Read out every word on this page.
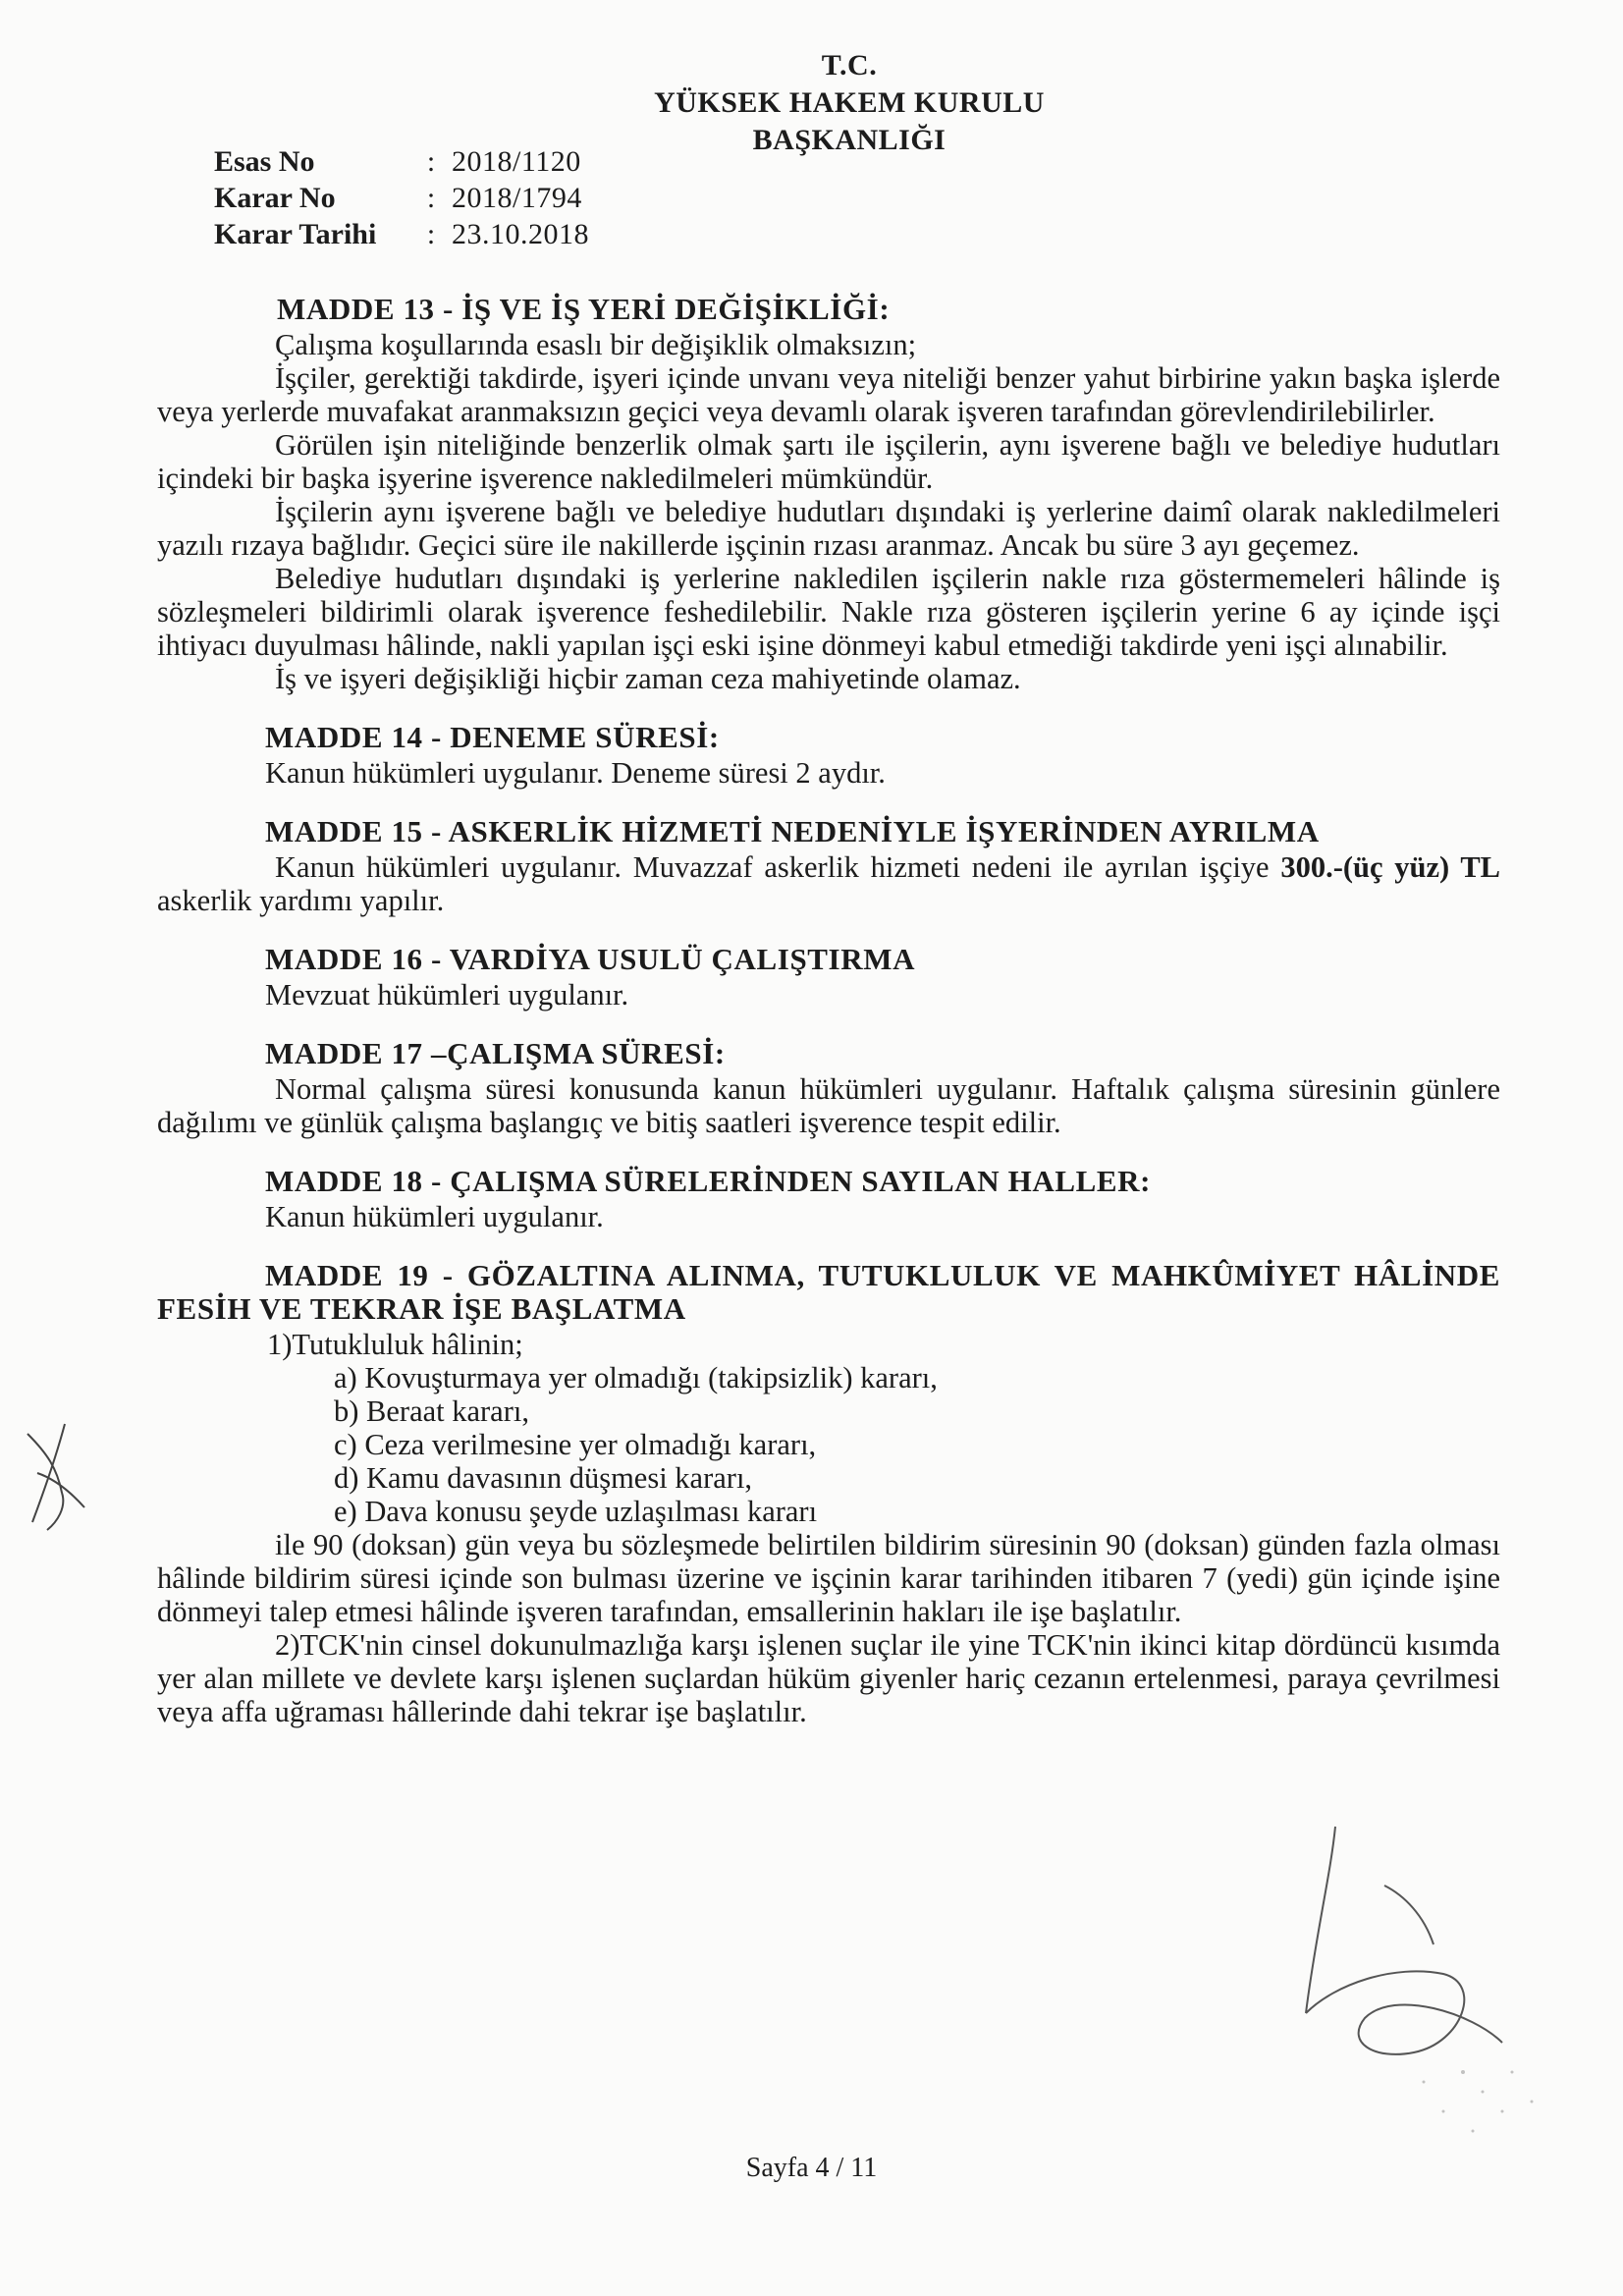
T.C.
YÜKSEK HAKEM KURULU
BAŞKANLIĞI
Esas No	: 2018/1120
Karar No	: 2018/1794
Karar Tarihi	: 23.10.2018
MADDE 13 - İŞ VE İŞ YERİ DEĞİŞİKLİĞİ:

Çalışma koşullarında esaslı bir değişiklik olmaksızın;

İşçiler, gerektiği takdirde, işyeri içinde unvanı veya niteliği benzer yahut birbirine yakın başka işlerde veya yerlerde muvafakat aranmaksızın geçici veya devamlı olarak işveren tarafından görevlendirilebilirler.

Görülen işin niteliğinde benzerlik olmak şartı ile işçilerin, aynı işverene bağlı ve belediye hudutları içindeki bir başka işyerine işverence nakledilmeleri mümkündür.

İşçilerin aynı işverene bağlı ve belediye hudutları dışındaki iş yerlerine daimî olarak nakledilmeleri yazılı rızaya bağlıdır. Geçici süre ile nakillerde işçinin rızası aranmaz. Ancak bu süre 3 ayı geçemez.

Belediye hudutları dışındaki iş yerlerine nakledilen işçilerin nakle rıza göstermemeleri hâlinde iş sözleşmeleri bildirimli olarak işverence feshedilebilir. Nakle rıza gösteren işçilerin yerine 6 ay içinde işçi ihtiyacı duyulması hâlinde, nakli yapılan işçi eski işine dönmeyi kabul etmediği takdirde yeni işçi alınabilir.

İş ve işyeri değişikliği hiçbir zaman ceza mahiyetinde olamaz.

MADDE 14 - DENEME SÜRESİ:

Kanun hükümleri uygulanır. Deneme süresi 2 aydır.

MADDE 15 - ASKERLİK HİZMETİ NEDENİYLE İŞYERİNDEN AYRILMA

Kanun hükümleri uygulanır. Muvazzaf askerlik hizmeti nedeni ile ayrılan işçiye 300.-(üç yüz) TL askerlik yardımı yapılır.

MADDE 16 - VARDİYA USULÜ ÇALIŞTIRMA

Mevzuat hükümleri uygulanır.

MADDE 17 –ÇALIŞMA SÜRESİ:

Normal çalışma süresi konusunda kanun hükümleri uygulanır. Haftalık çalışma süresinin günlere dağılımı ve günlük çalışma başlangıç ve bitiş saatleri işverence tespit edilir.

MADDE 18 - ÇALIŞMA SÜRELERİNDEN SAYILAN HALLER:

Kanun hükümleri uygulanır.

MADDE 19 - GÖZALTINA ALINMA, TUTUKLULUK VE MAHKÛMİYET HÂLİNDE FESİH VE TEKRAR İŞE BAŞLATMA
1)Tutukluluk hâlinin;
a) Kovuşturmaya yer olmadığı (takipsizlik) kararı,
b) Beraat kararı,
c) Ceza verilmesine yer olmadığı kararı,
d) Kamu davasının düşmesi kararı,
e) Dava konusu şeyde uzlaşılması kararı

ile 90 (doksan) gün veya bu sözleşmede belirtilen bildirim süresinin 90 (doksan) günden fazla olması hâlinde bildirim süresi içinde son bulması üzerine ve işçinin karar tarihinden itibaren 7 (yedi) gün içinde işine dönmeyi talep etmesi hâlinde işveren tarafından, emsallerinin hakları ile işe başlatılır.

2)TCK'nin cinsel dokunulmazlığa karşı işlenen suçlar ile yine TCK'nin ikinci kitap dördüncü kısımda yer alan millete ve devlete karşı işlenen suçlardan hüküm giyenler hariç cezanın ertelenmesi, paraya çevrilmesi veya affa uğraması hâllerinde dahi tekrar işe başlatılır.

Sayfa 4 / 11
